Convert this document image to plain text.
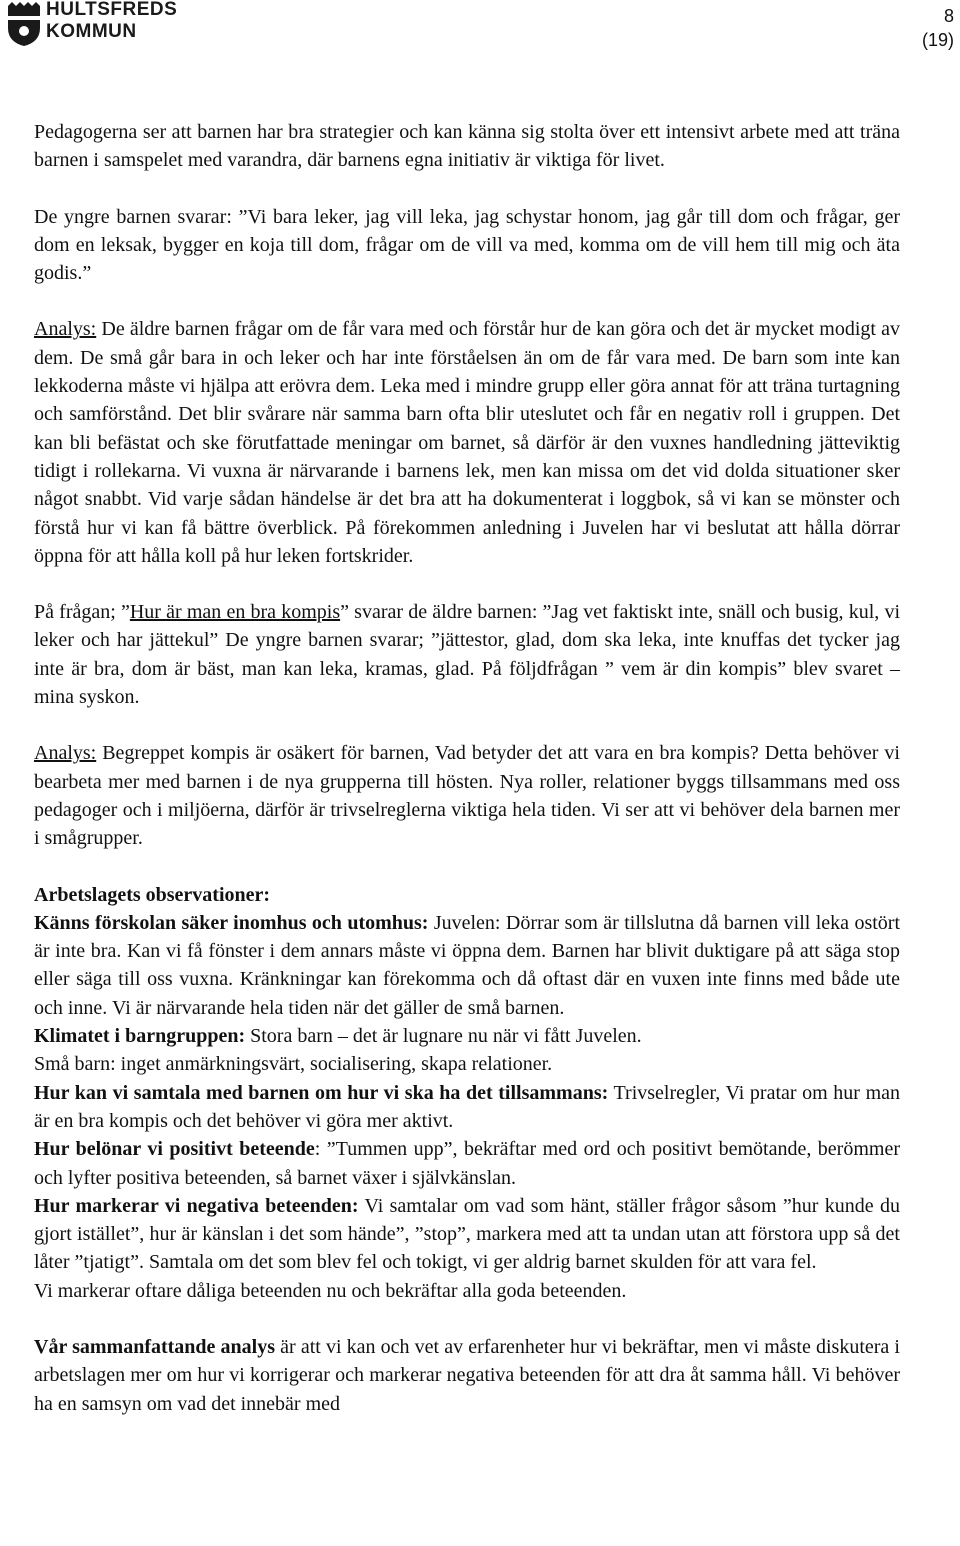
HULTSFREDS
KOMMUN
8
(19)

Pedagogerna ser att barnen har bra strategier och kan känna sig stolta över ett intensivt arbete med att träna barnen i samspelet med varandra, där barnens egna initiativ är viktiga för livet.

De yngre barnen svarar: ”Vi bara leker, jag vill leka, jag schystar honom, jag går till dom och frågar, ger dom en leksak, bygger en koja till dom, frågar om de vill va med, komma om de vill hem till mig och äta godis.”

Analys: De äldre barnen frågar om de får vara med och förstår hur de kan göra och det är mycket modigt av dem. De små går bara in och leker och har inte förståelsen än om de får vara med. De barn som inte kan lekkoderna måste vi hjälpa att erövra dem. Leka med i mindre grupp eller göra annat för att träna turtagning och samförstånd. Det blir svårare när samma barn ofta blir uteslutet och får en negativ roll i gruppen. Det kan bli befästat och ske förutfattade meningar om barnet, så därför är den vuxnes handledning jätteviktig tidigt i rollekarna. Vi vuxna är närvarande i barnens lek, men kan missa om det vid dolda situationer sker något snabbt. Vid varje sådan händelse är det bra att ha dokumenterat i loggbok, så vi kan se mönster och förstå hur vi kan få bättre överblick. På förekommen anledning i Juvelen har vi beslutat att hålla dörrar öppna för att hålla koll på hur leken fortskrider.

På frågan; ”Hur är man en bra kompis” svarar de äldre barnen: ”Jag vet faktiskt inte, snäll och busig, kul, vi leker och har jättekul” De yngre barnen svarar; ”jättestor, glad, dom ska leka, inte knuffas det tycker jag inte är bra, dom är bäst, man kan leka, kramas, glad. På följdfrågan ” vem är din kompis” blev svaret – mina syskon.

Analys: Begreppet kompis är osäkert för barnen, Vad betyder det att vara en bra kompis? Detta behöver vi bearbeta mer med barnen i de nya grupperna till hösten. Nya roller, relationer byggs tillsammans med oss pedagoger och i miljöerna, därför är trivselreglerna viktiga hela tiden. Vi ser att vi behöver dela barnen mer i smågrupper.

Arbetslagets observationer:

Känns förskolan säker inomhus och utomhus: Juvelen: Dörrar som är tillslutna då barnen vill leka ostört är inte bra. Kan vi få fönster i dem annars måste vi öppna dem. Barnen har blivit duktigare på att säga stop eller säga till oss vuxna. Kränkningar kan förekomma och då oftast där en vuxen inte finns med både ute och inne. Vi är närvarande hela tiden när det gäller de små barnen.

Klimatet i barngruppen: Stora barn – det är lugnare nu när vi fått Juvelen.

Små barn: inget anmärkningsvärt, socialisering, skapa relationer.

Hur kan vi samtala med barnen om hur vi ska ha det tillsammans: Trivselregler, Vi pratar om hur man är en bra kompis och det behöver vi göra mer aktivt.

Hur belönar vi positivt beteende: ”Tummen upp”, bekräftar med ord och positivt bemötande, berömmer och lyfter positiva beteenden, så barnet växer i självkänslan.

Hur markerar vi negativa beteenden: Vi samtalar om vad som hänt, ställer frågor såsom ”hur kunde du gjort istället”, hur är känslan i det som hände”, ”stop”, markera med att ta undan utan att förstora upp så det låter ”tjatigt”. Samtala om det som blev fel och tokigt, vi ger aldrig barnet skulden för att vara fel.

Vi markerar oftare dåliga beteenden nu och bekräftar alla goda beteenden.

Vår sammanfattande analys är att vi kan och vet av erfarenheter hur vi bekräftar, men vi måste diskutera i arbetslagen mer om hur vi korrigerar och markerar negativa beteenden för att dra åt samma håll. Vi behöver ha en samsyn om vad det innebär med
